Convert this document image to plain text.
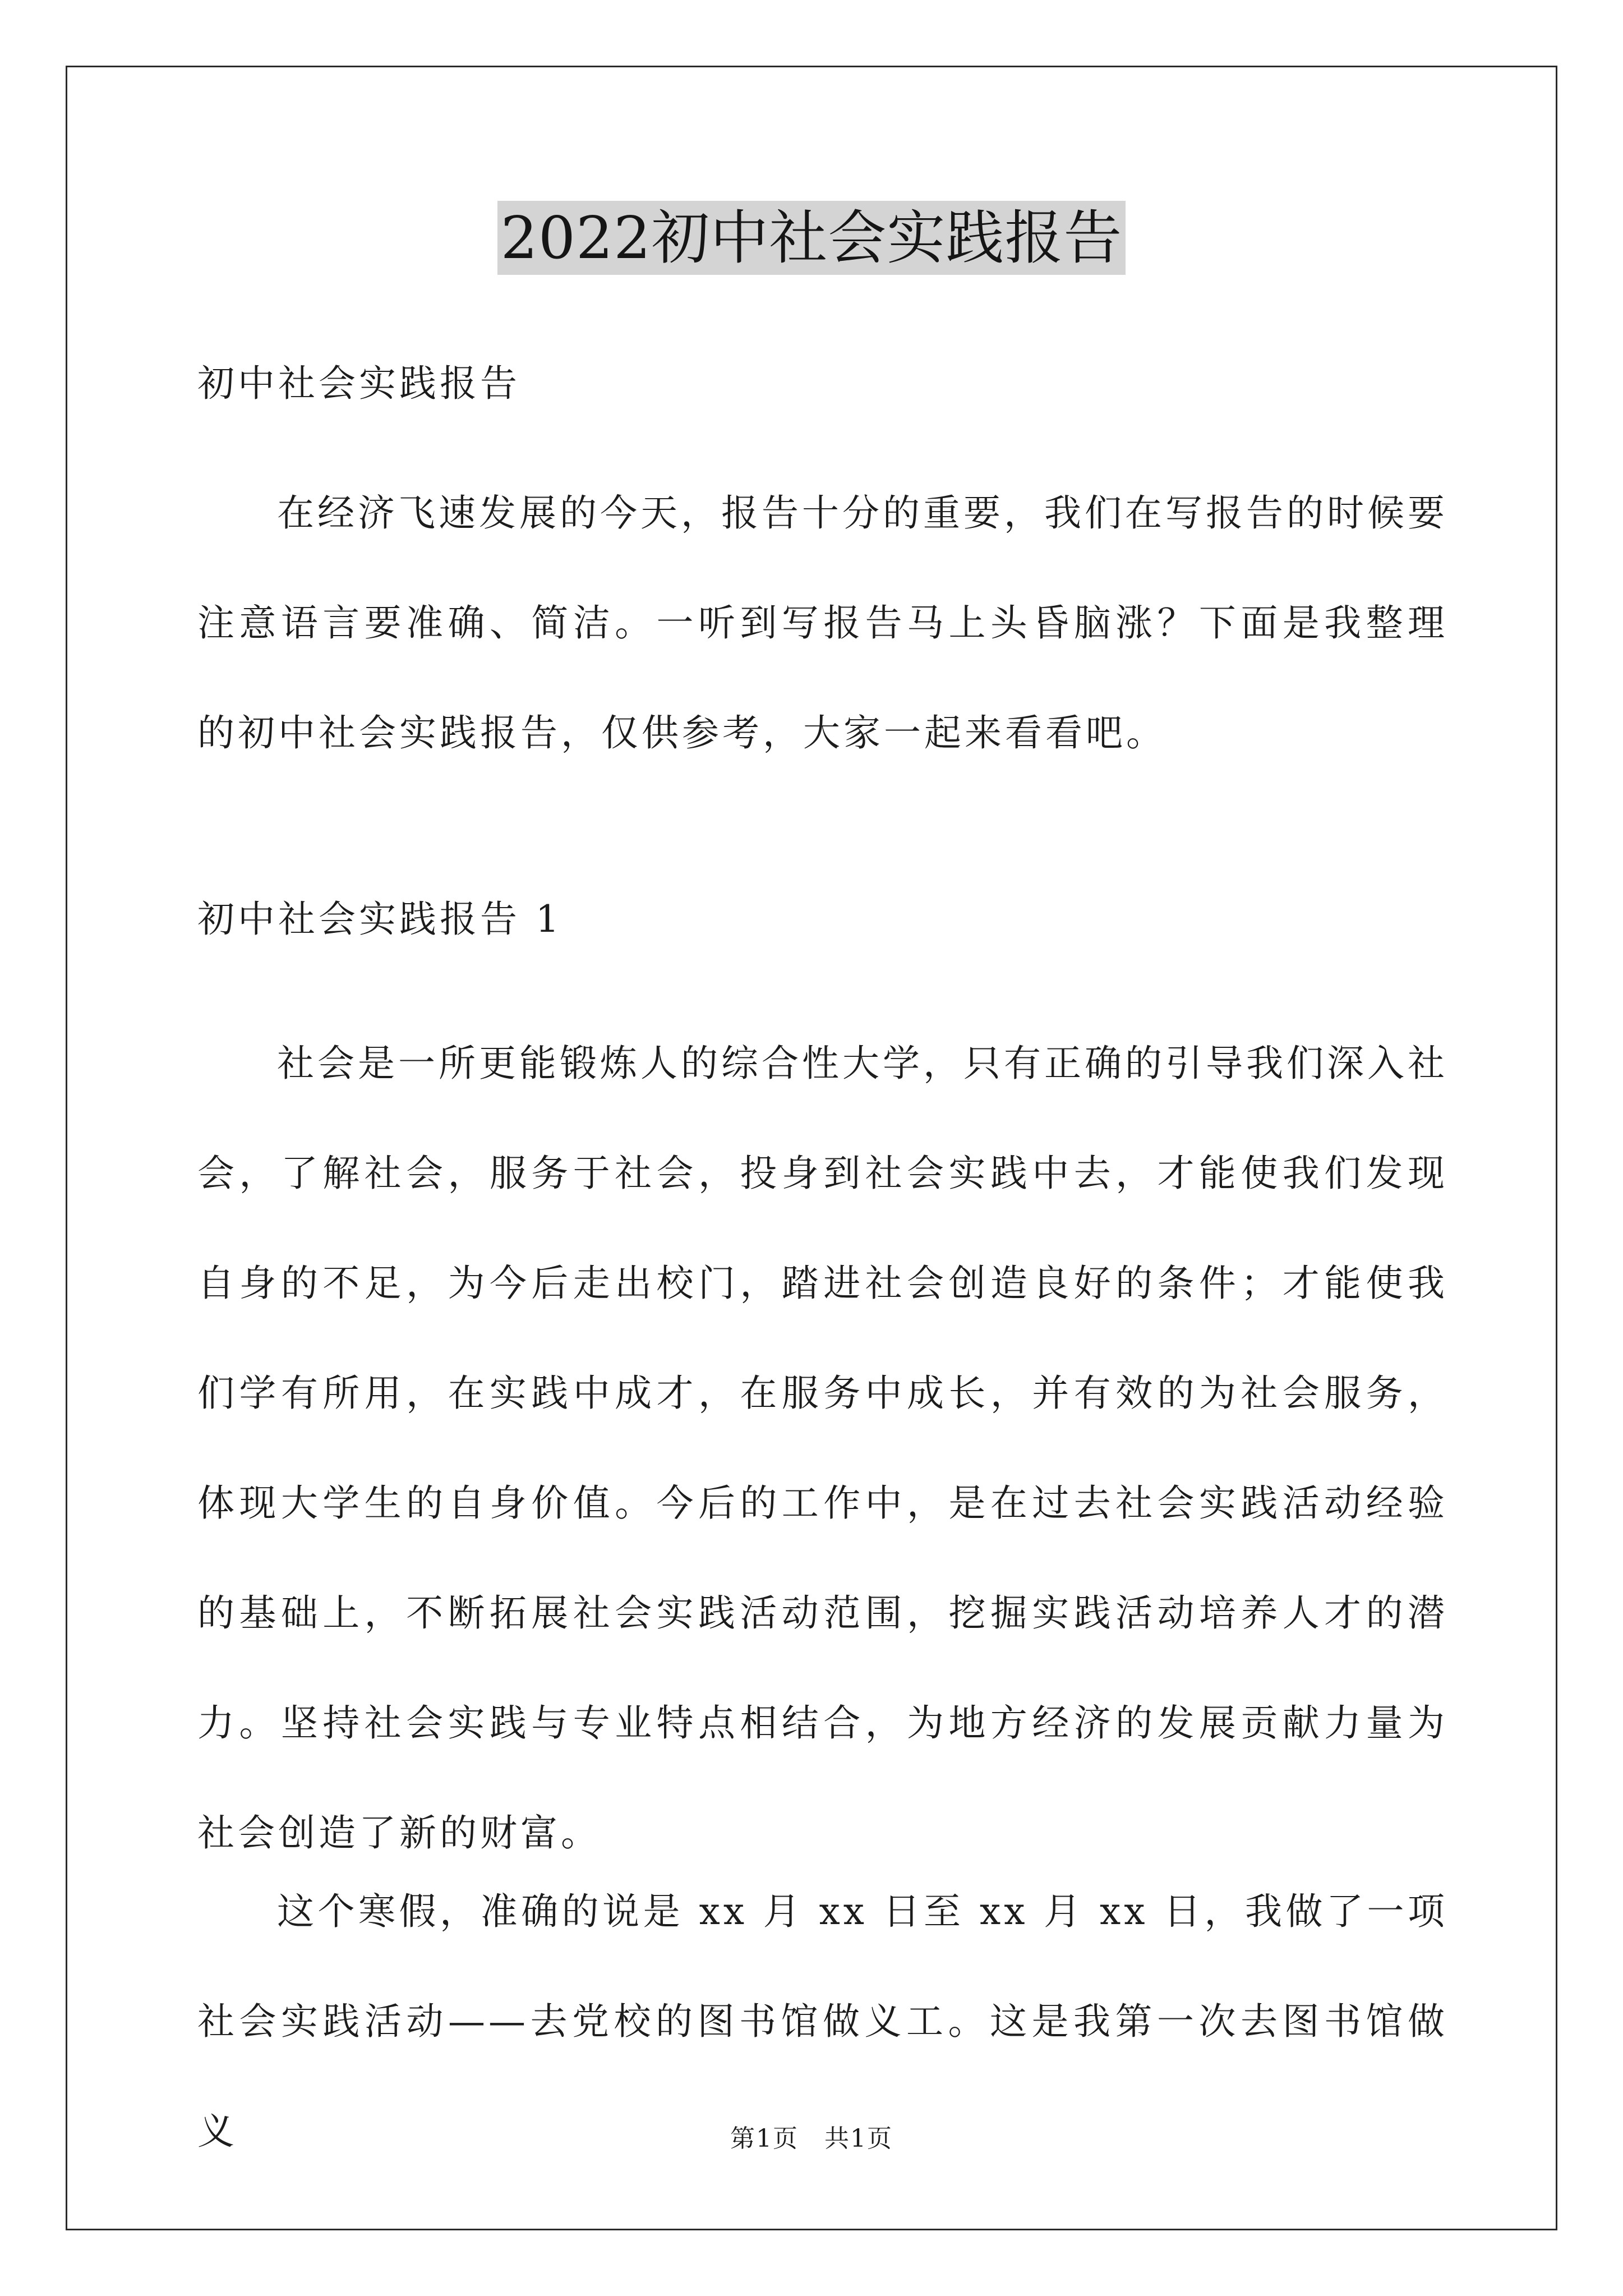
2022初中社会实践报告
初中社会实践报告

在经济飞速发展的今天，报告十分的重要，我们在写报告的时候要注意语言要准确、简洁。一听到写报告马上头昏脑涨？下面是我整理的初中社会实践报告，仅供参考，大家一起来看看吧。

初中社会实践报告 1

社会是一所更能锻炼人的综合性大学，只有正确的引导我们深入社会，了解社会，服务于社会，投身到社会实践中去，才能使我们发现自身的不足，为今后走出校门，踏进社会创造良好的条件；才能使我们学有所用，在实践中成才，在服务中成长，并有效的为社会服务，体现大学生的自身价值。今后的工作中，是在过去社会实践活动经验的基础上，不断拓展社会实践活动范围，挖掘实践活动培养人才的潜力。坚持社会实践与专业特点相结合，为地方经济的发展贡献力量为社会创造了新的财富。

这个寒假，准确的说是 xx 月 xx 日至 xx 月 xx 日，我做了一项社会实践活动——去党校的图书馆做义工。这是我第一次去图书馆做义	第1页　共1页
